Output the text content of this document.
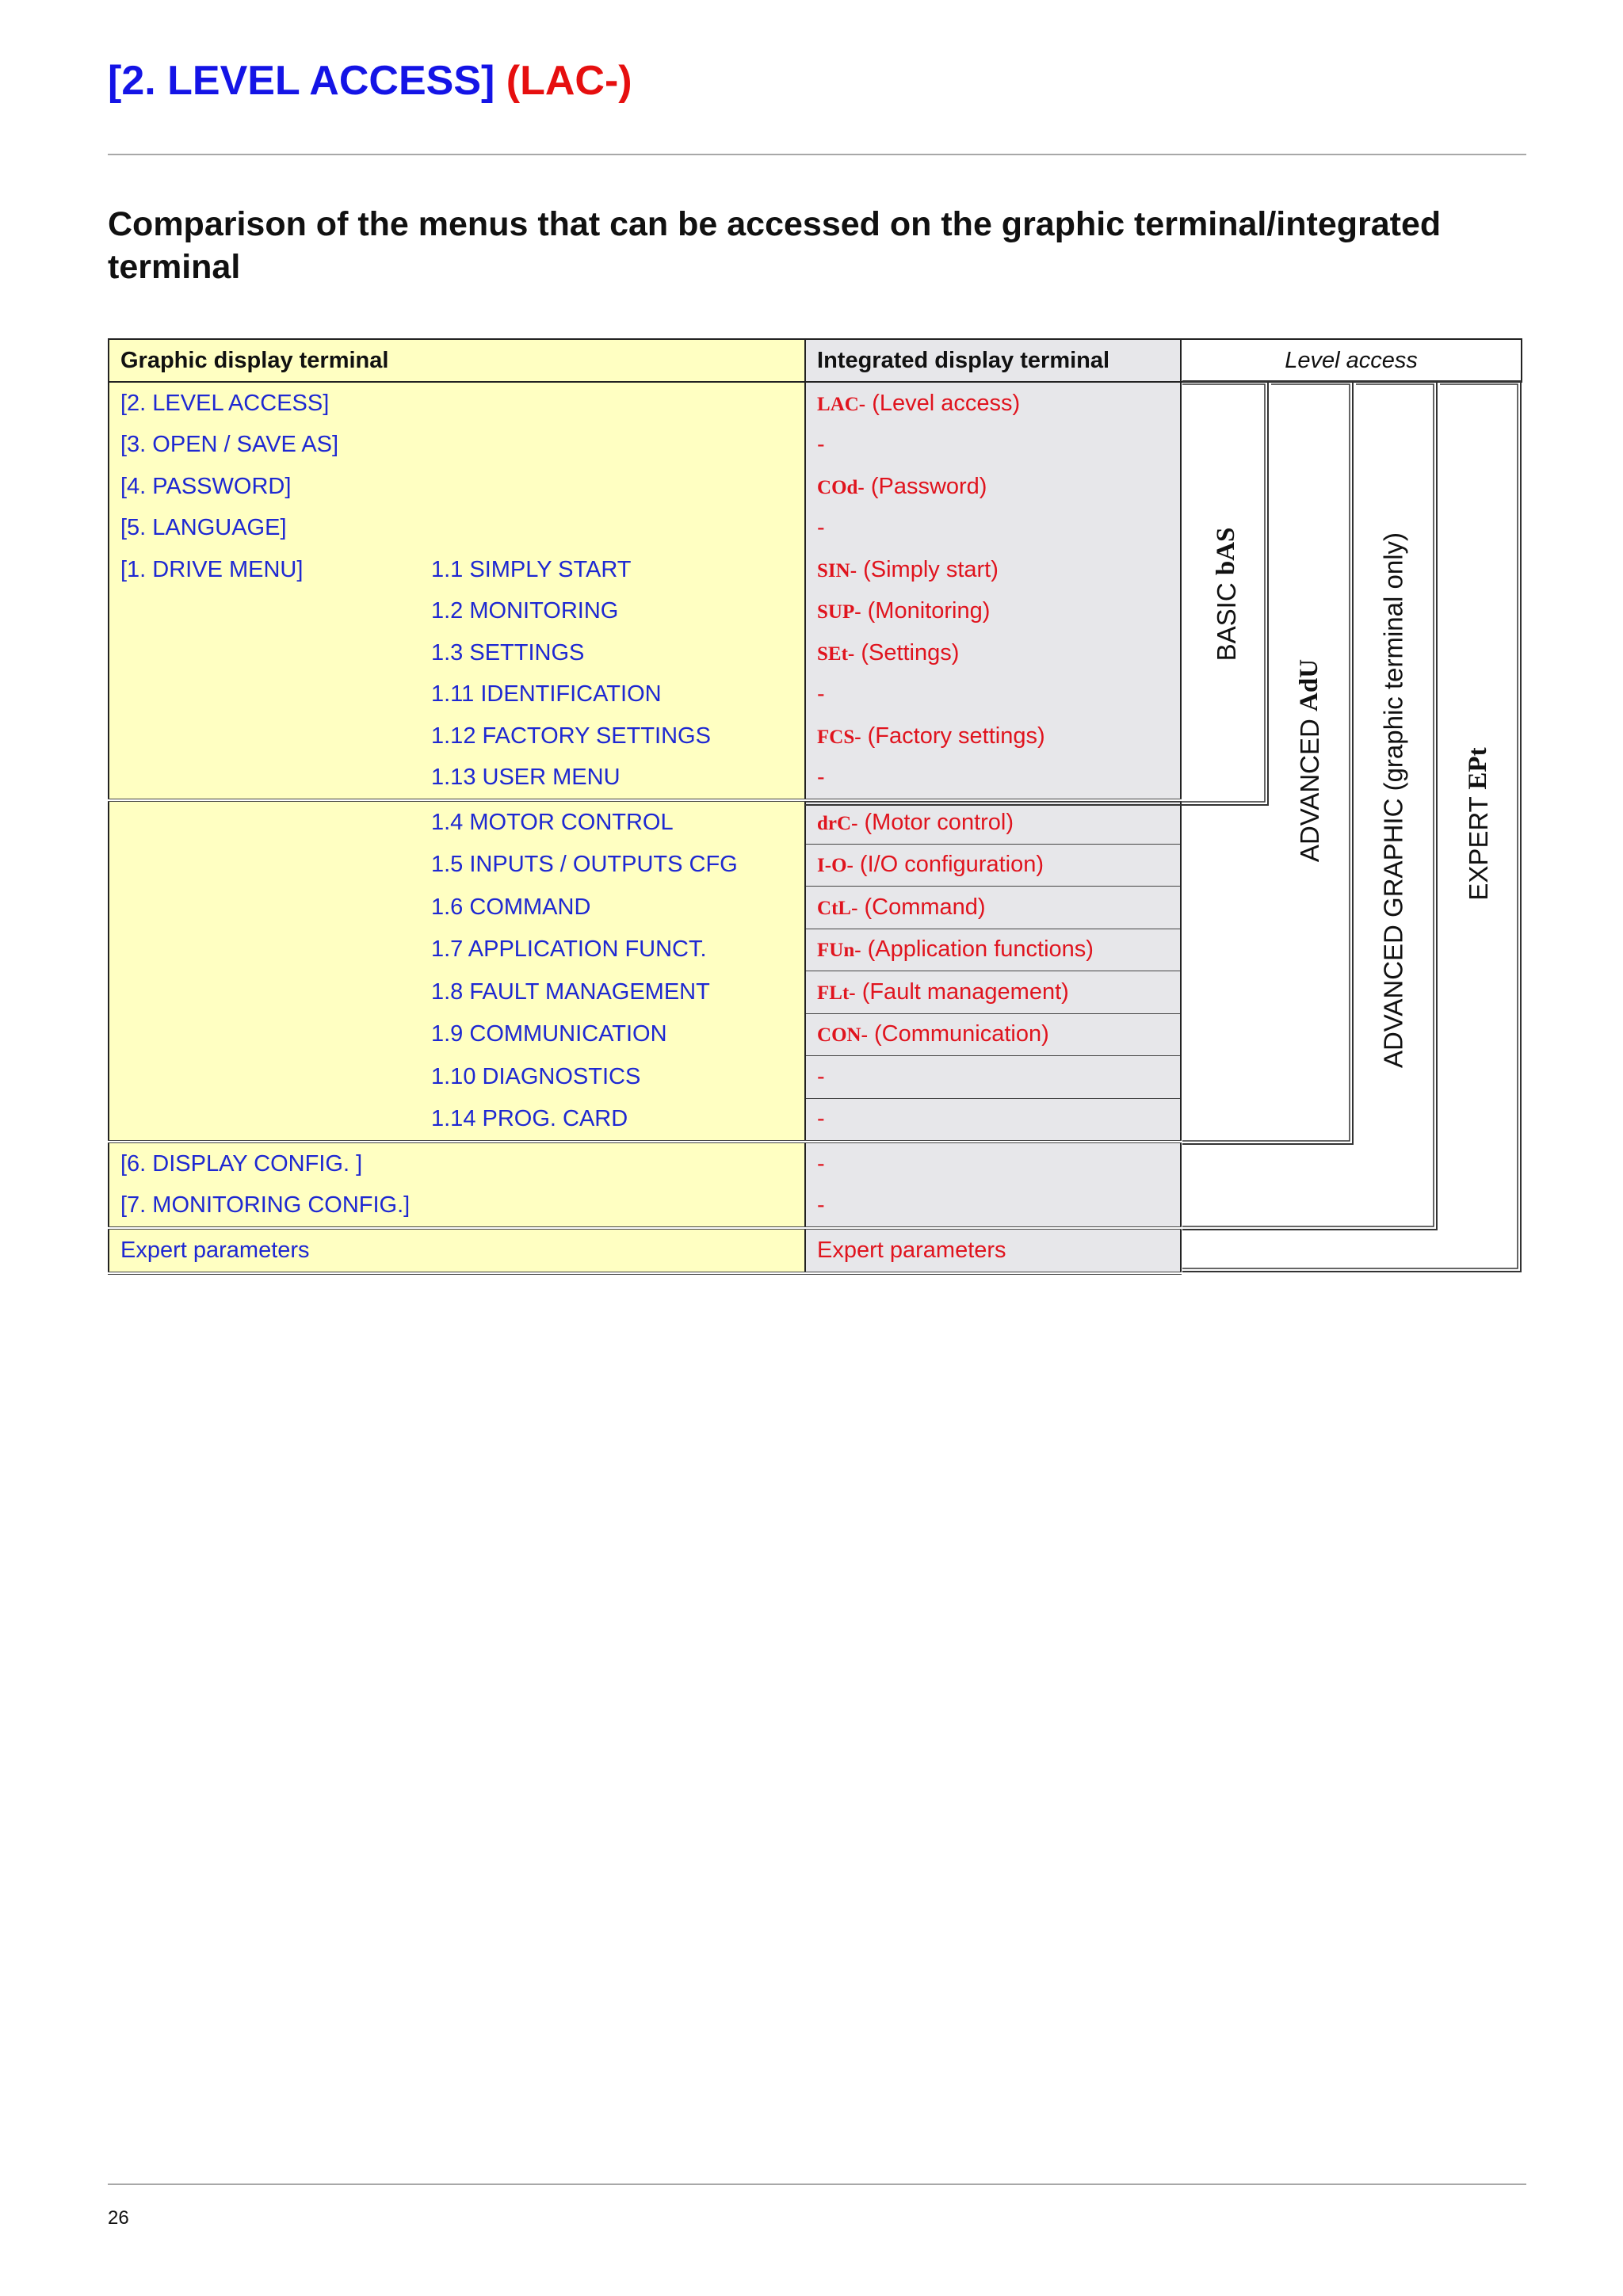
[2. LEVEL ACCESS] (LAC-)
Comparison of the menus that can be accessed on the graphic terminal/integrated terminal
Graphic display terminal		Integrated display terminal	Level access
[2. LEVEL ACCESS]		LAC- (Level access)	
[3. OPEN / SAVE AS]		-	
[4. PASSWORD]		COd- (Password)	
[5. LANGUAGE]		-	
[1. DRIVE MENU]	1.1 SIMPLY START	SIN- (Simply start)	
	1.2 MONITORING	SUP- (Monitoring)	
	1.3 SETTINGS	SEt- (Settings)	
	1.11 IDENTIFICATION	-	
	1.12 FACTORY SETTINGS	FCS- (Factory settings)	
	1.13 USER MENU	-	
	1.4 MOTOR CONTROL	drC- (Motor control)	
	1.5 INPUTS / OUTPUTS CFG	I-O- (I/O configuration)	
	1.6 COMMAND	CtL- (Command)	
	1.7 APPLICATION FUNCT.	FUn- (Application functions)	
	1.8 FAULT MANAGEMENT	FLt- (Fault management)	
	1.9 COMMUNICATION	CON- (Communication)	
	1.10 DIAGNOSTICS	-	
	1.14 PROG. CARD	-	
[6. DISPLAY CONFIG. ]		-	
[7. MONITORING CONFIG.]		-	
Expert parameters		Expert parameters	
BASIC bAS
ADVANCED AdU ADVANCED GRAPHIC (graphic terminal only) EXPERT EPt
26
